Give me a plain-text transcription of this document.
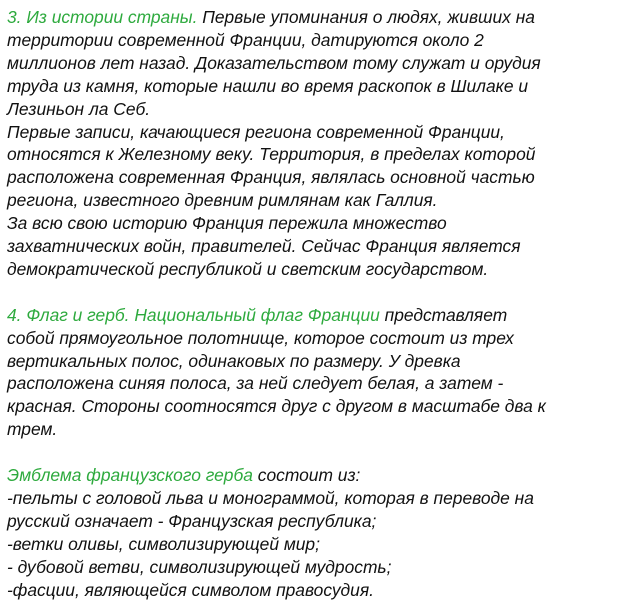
3. Из истории страны. Первые упоминания о людях, живших на
территории современной Франции, датируются около 2
миллионов лет назад. Доказательством тому служат и орудия
труда из камня, которые нашли во время раскопок в Шилаке и
Лезиньон ла Себ.

Первые записи, качающиеся региона современной Франции,
относятся к Железному веку. Территория, в пределах которой
расположена современная Франция, являлась основной частью
региона, известного древним римлянам как Галлия.

За всю свою историю Франция пережила множество
захватнических войн, правителей. Сейчас Франция является
демократической республикой и светским государством.

4. Флаг и герб. Национальный флаг Франции представляет
собой прямоугольное полотнище, которое состоит из трех
вертикальных полос, одинаковых по размеру. У древка
расположена синяя полоса, за ней следует белая, а затем -
красная. Стороны соотносятся друг с другом в масштабе два к
трем.

Эмблема французского герба состоит из:

-пельты с головой льва и монограммой, которая в переводе на
русский означает - Французская республика;

-ветки оливы, символизирующей мир;

- дубовой ветви, символизирующей мудрость;

-фасции, являющейся символом правосудия.
